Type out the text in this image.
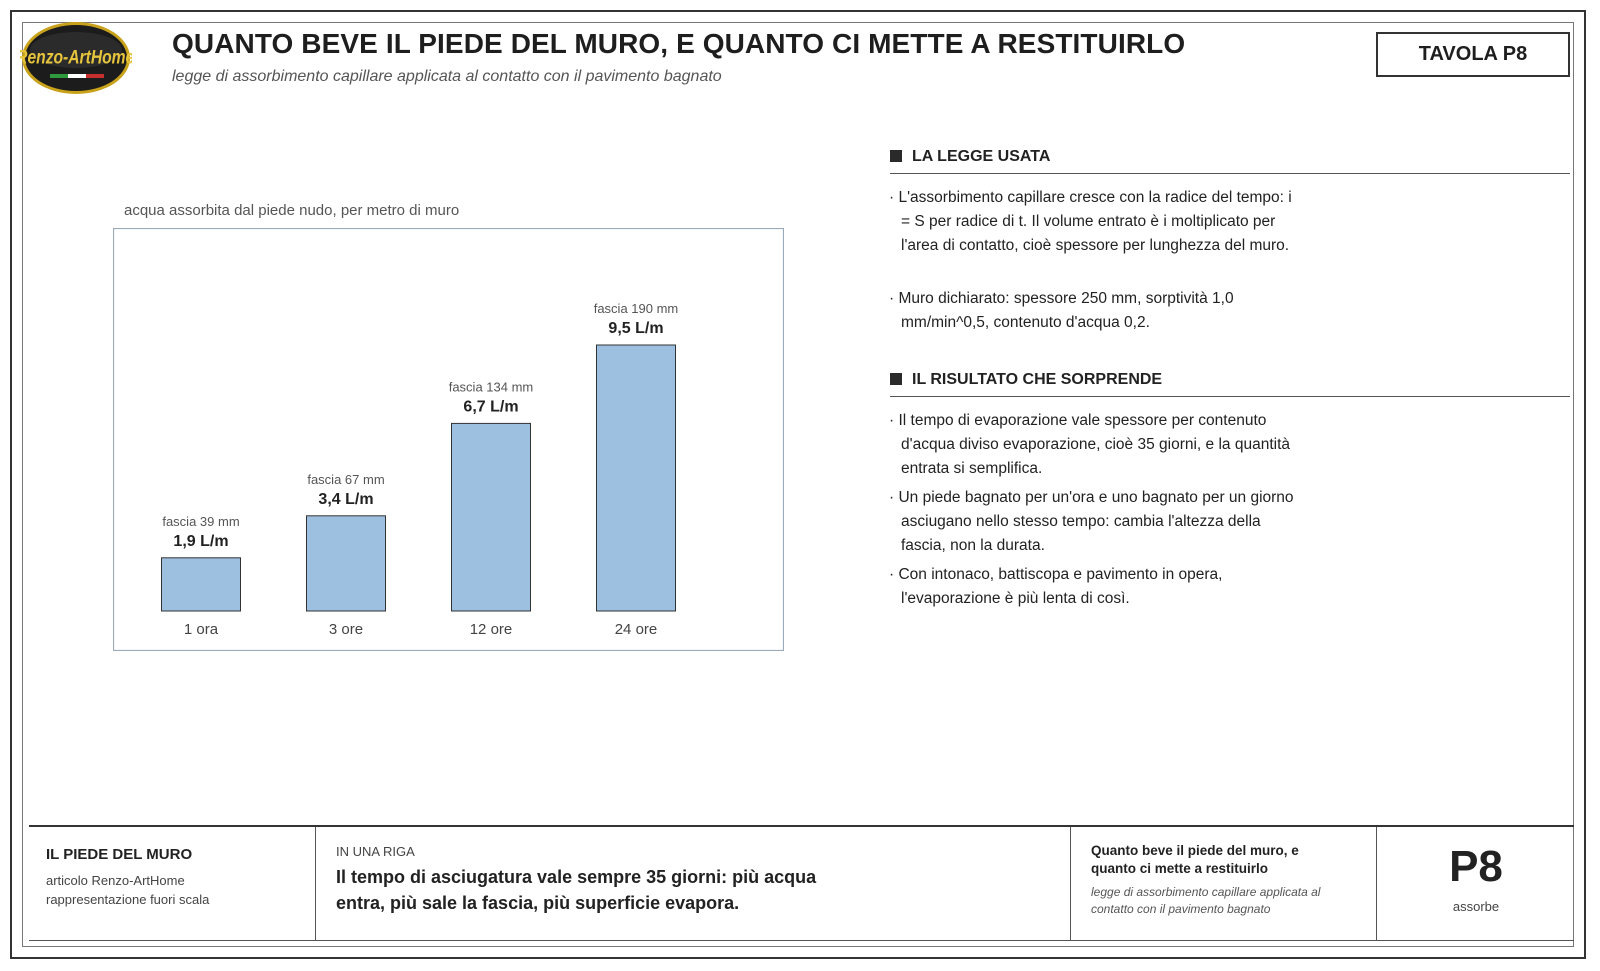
Renzo-ArtHome QUANTO BEVE IL PIEDE DEL MURO, E QUANTO CI METTE A RESTITUIRLO
legge di assorbimento capillare applicata al contatto con il pavimento bagnato
TAVOLA P8
acqua assorbita dal piede nudo, per metro di muro
1,9 L/m
fascia 39 mm
1 ora
3,4 L/m
fascia 67 mm
3 ore
6,7 L/m
fascia 134 mm
12 ore
9,5 L/m
fascia 190 mm
24 ore
LA LEGGE USATA
· L'assorbimento capillare cresce con la radice del tempo: i = S per radice di t. Il volume entrato è i moltiplicato per l'area di contatto, cioè spessore per lunghezza del muro.
· Muro dichiarato: spessore 250 mm, sorptività 1,0 mm/min^0,5, contenuto d'acqua 0,2.
IL RISULTATO CHE SORPRENDE
· Il tempo di evaporazione vale spessore per contenuto d'acqua diviso evaporazione, cioè 35 giorni, e la quantità entrata si semplifica.
· Un piede bagnato per un'ora e uno bagnato per un giorno asciugano nello stesso tempo: cambia l'altezza della fascia, non la durata.
· Con intonaco, battiscopa e pavimento in opera, l'evaporazione è più lenta di così.
IL PIEDE DEL MURO
articolo Renzo-ArtHome
rappresentazione fuori scala
IN UNA RIGA
Il tempo di asciugatura vale sempre 35 giorni: più acqua entra, più sale la fascia, più superficie evapora.
Quanto beve il piede del muro, e quanto ci mette a restituirlo
legge di assorbimento capillare applicata al contatto con il pavimento bagnato
P8
assorbe
